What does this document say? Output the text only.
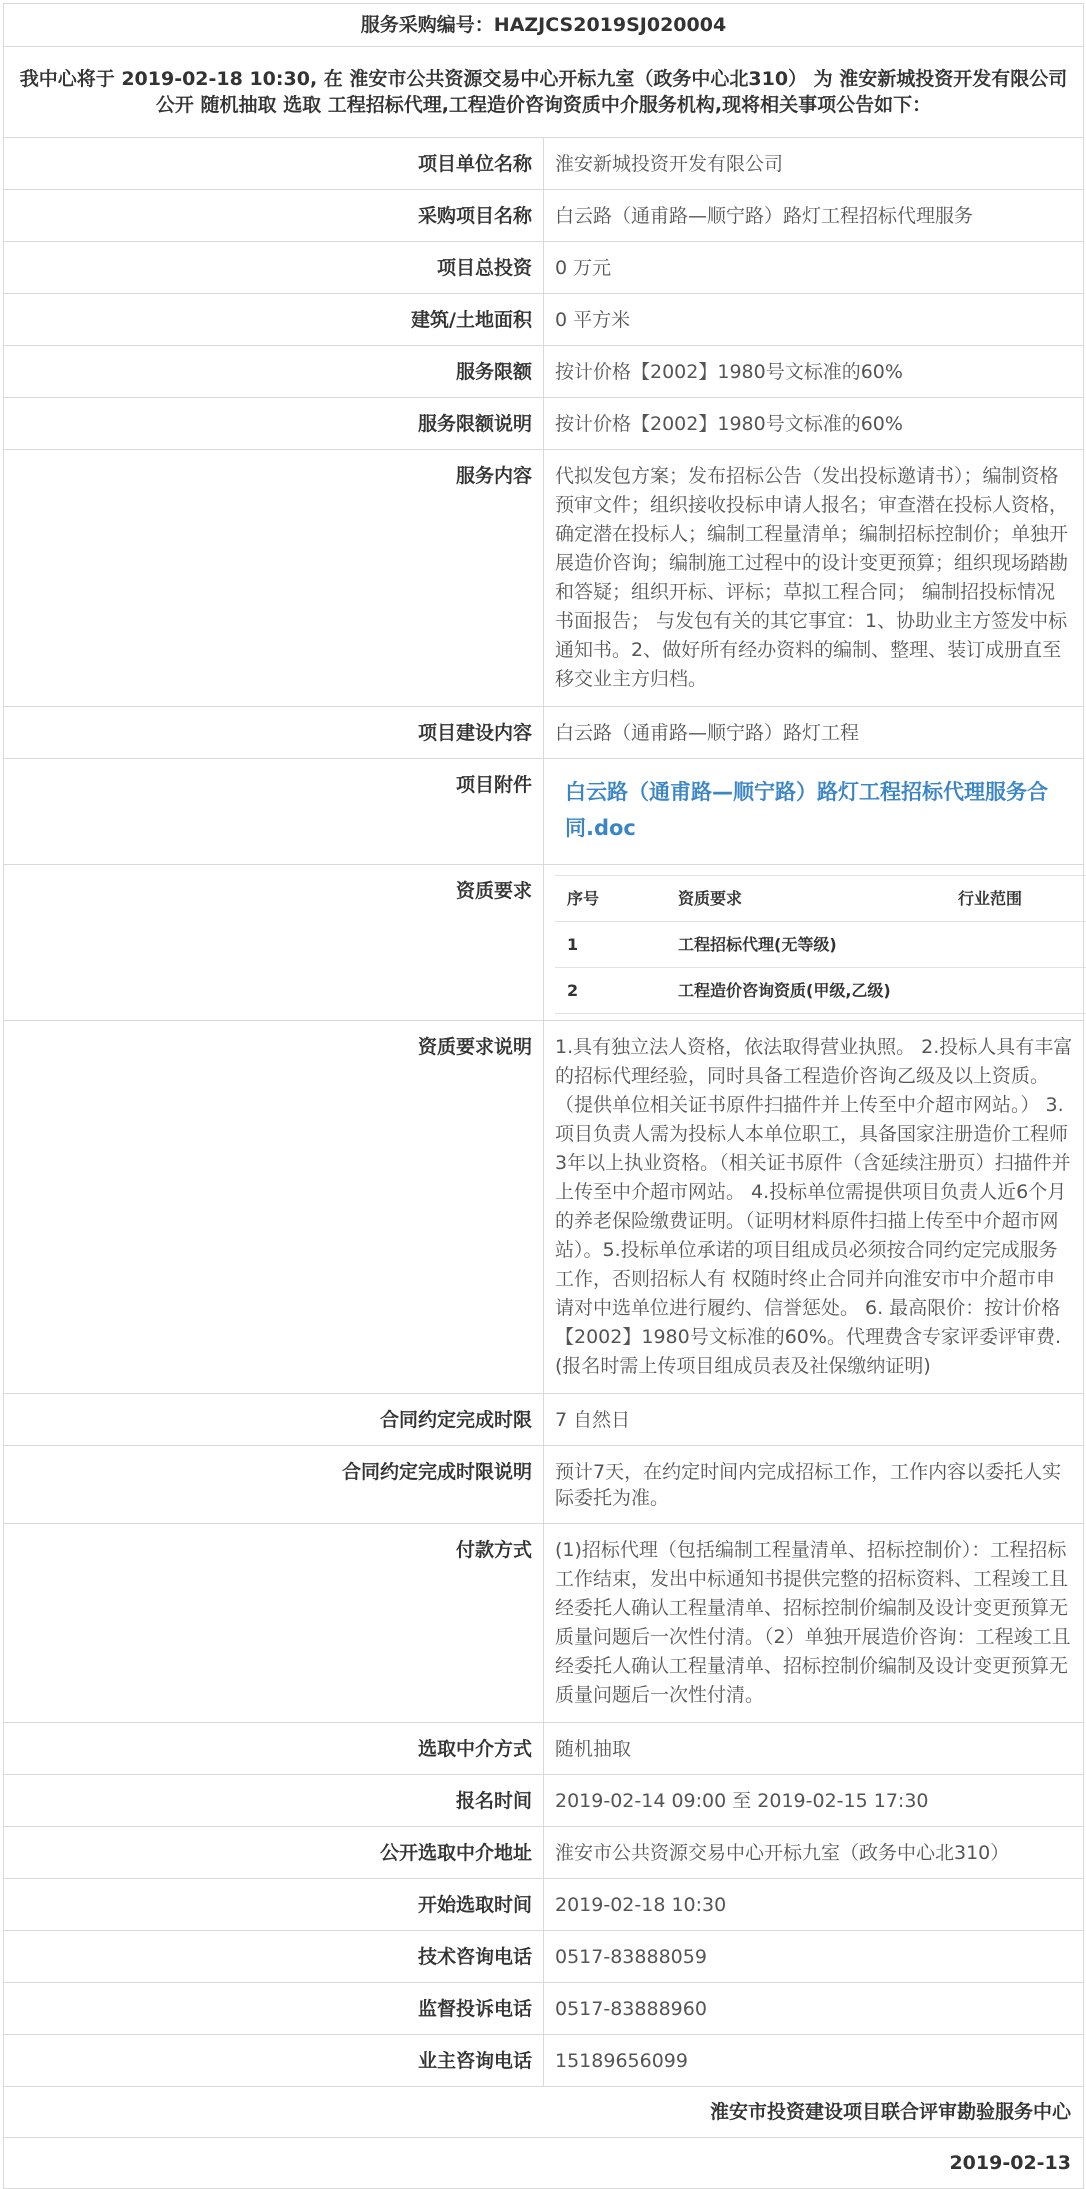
服务采购编号：HAZJCS2019SJ020004
我中心将于 2019-02-18 10:30, 在 淮安市公共资源交易中心开标九室（政务中心北310） 为 淮安新城投资开发有限公司 公开 随机抽取 选取 工程招标代理,工程造价咨询资质中介服务机构,现将相关事项公告如下：
项目单位名称	淮安新城投资开发有限公司
采购项目名称	白云路（通甫路—顺宁路）路灯工程招标代理服务
项目总投资	0 万元
建筑/土地面积	0 平方米
服务限额	按计价格【2002】1980号文标准的60%
服务限额说明	按计价格【2002】1980号文标准的60%
服务内容	代拟发包方案；发布招标公告（发出投标邀请书）；编制资格预审文件；组织接收投标申请人报名；审查潜在投标人资格，确定潜在投标人；编制工程量清单；编制招标控制价；单独开展造价咨询；编制施工过程中的设计变更预算；组织现场踏勘和答疑；组织开标、评标；草拟工程合同； 编制招投标情况书面报告； 与发包有关的其它事宜：1、协助业主方签发中标通知书。2、做好所有经办资料的编制、整理、装订成册直至移交业主方归档。
项目建设内容	白云路（通甫路—顺宁路）路灯工程
项目附件	白云路（通甫路—顺宁路）路灯工程招标代理服务合同.doc
资质要求	序号	资质要求	行业范围
1	工程招标代理(无等级)	
2	工程造价咨询资质(甲级,乙级)	

资质要求说明	1.具有独立法人资格，依法取得营业执照。 2.投标人具有丰富的招标代理经验，同时具备工程造价咨询乙级及以上资质。（提供单位相关证书原件扫描件并上传至中介超市网站。） 3.项目负责人需为投标人本单位职工，具备国家注册造价工程师3年以上执业资格。（相关证书原件（含延续注册页）扫描件并上传至中介超市网站。 4.投标单位需提供项目负责人近6个月的养老保险缴费证明。（证明材料原件扫描上传至中介超市网站）。5.投标单位承诺的项目组成员必须按合同约定完成服务工作，否则招标人有 权随时终止合同并向淮安市中介超市申请对中选单位进行履约、信誉惩处。 6. 最高限价：按计价格【2002】1980号文标准的60%。代理费含专家评委评审费.(报名时需上传项目组成员表及社保缴纳证明)
合同约定完成时限	7 自然日
合同约定完成时限说明	预计7天，在约定时间内完成招标工作，工作内容以委托人实际委托为准。
付款方式	(1)招标代理（包括编制工程量清单、招标控制价）：工程招标工作结束，发出中标通知书提供完整的招标资料、工程竣工且经委托人确认工程量清单、招标控制价编制及设计变更预算无质量问题后一次性付清。（2）单独开展造价咨询：工程竣工且经委托人确认工程量清单、招标控制价编制及设计变更预算无质量问题后一次性付清。
选取中介方式	随机抽取
报名时间	2019-02-14 09:00 至 2019-02-15 17:30
公开选取中介地址	淮安市公共资源交易中心开标九室（政务中心北310）
开始选取时间	2019-02-18 10:30
技术咨询电话	0517-83888059
监督投诉电话	0517-83888960
业主咨询电话	15189656099
淮安市投资建设项目联合评审勘验服务中心
2019-02-13
